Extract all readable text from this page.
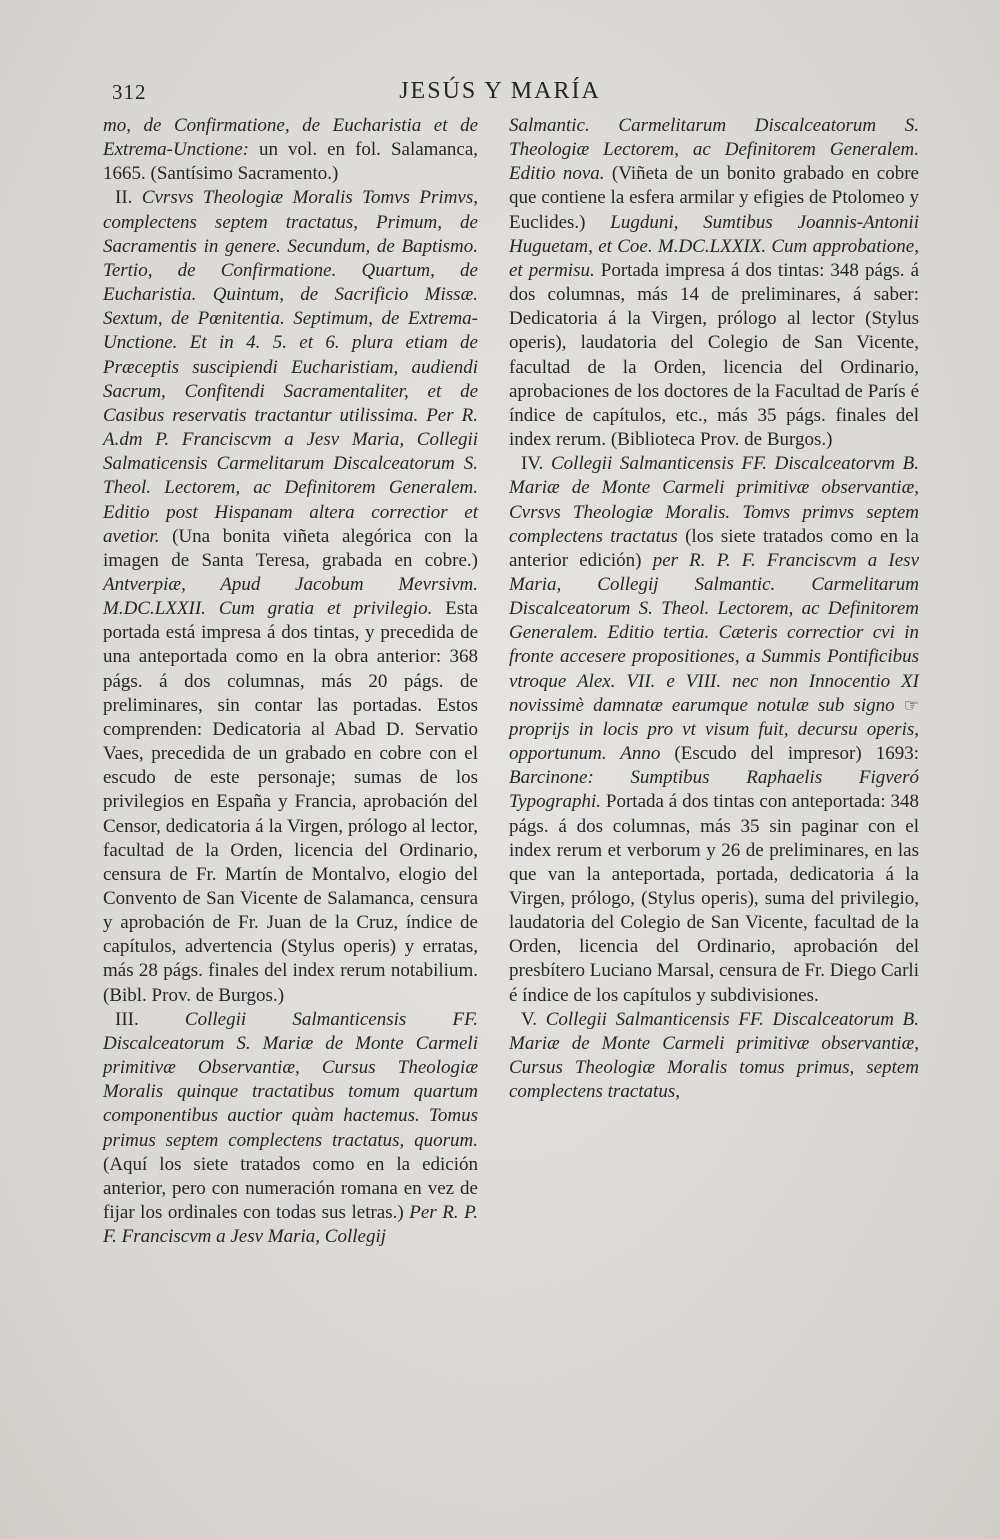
312	JESÚS Y MARÍA

mo, de Confirmatione, de Eucharistia et de Extrema-Unctione: un vol. en fol. Salamanca, 1665. (Santísimo Sacramento.)

II. Cvrsvs Theologiæ Moralis Tomvs Primvs, complectens septem tractatus, Primum, de Sacramentis in genere. Secundum, de Baptismo. Tertio, de Confirmatione. Quartum, de Eucharistia. Quintum, de Sacrificio Missæ. Sextum, de Pœnitentia. Septimum, de Extrema-Unctione. Et in 4. 5. et 6. plura etiam de Præceptis suscipiendi Eucharistiam, audiendi Sacrum, Confitendi Sacramentaliter, et de Casibus reservatis tractantur utilissima. Per R. A.dm P. Franciscvm a Jesv Maria, Collegii Salmaticensis Carmelitarum Discalceatorum S. Theol. Lectorem, ac Definitorem Generalem. Editio post Hispanam altera correctior et avetior. (Una bonita viñeta alegórica con la imagen de Santa Teresa, grabada en cobre.) Antverpiæ, Apud Jacobum Mevrsivm. M.DC.LXXII. Cum gratia et privilegio. Esta portada está impresa á dos tintas, y precedida de una anteportada como en la obra anterior: 368 págs. á dos columnas, más 20 págs. de preliminares, sin contar las portadas. Estos comprenden: Dedicatoria al Abad D. Servatio Vaes, precedida de un grabado en cobre con el escudo de este personaje; sumas de los privilegios en España y Francia, aprobación del Censor, dedicatoria á la Virgen, prólogo al lector, facultad de la Orden, licencia del Ordinario, censura de Fr. Martín de Montalvo, elogio del Convento de San Vicente de Salamanca, censura y aprobación de Fr. Juan de la Cruz, índice de capítulos, advertencia (Stylus operis) y erratas, más 28 págs. finales del index rerum notabilium. (Bibl. Prov. de Burgos.)

III. Collegii Salmanticensis FF. Discalceatorum S. Mariæ de Monte Carmeli primitivæ Observantiæ, Cursus Theologiæ Moralis quinque tractatibus tomum quartum componentibus auctior quàm hactemus. Tomus primus septem complectens tractatus, quorum. (Aquí los siete tratados como en la edición anterior, pero con numeración romana en vez de fijar los ordinales con todas sus letras.) Per R. P. F. Franciscvm a Jesv Maria, Collegij

Salmantic. Carmelitarum Discalceatorum S. Theologiæ Lectorem, ac Definitorem Generalem. Editio nova. (Viñeta de un bonito grabado en cobre que contiene la esfera armilar y efigies de Ptolomeo y Euclides.) Lugduni, Sumtibus Joannis-Antonii Huguetam, et Coe. M.DC.LXXIX. Cum approbatione, et permisu. Portada impresa á dos tintas: 348 págs. á dos columnas, más 14 de preliminares, á saber: Dedicatoria á la Virgen, prólogo al lector (Stylus operis), laudatoria del Colegio de San Vicente, facultad de la Orden, licencia del Ordinario, aprobaciones de los doctores de la Facultad de París é índice de capítulos, etc., más 35 págs. finales del index rerum. (Biblioteca Prov. de Burgos.)

IV. Collegii Salmanticensis FF. Discalceatorvm B. Mariæ de Monte Carmeli primitivæ observantiæ, Cvrsvs Theologiæ Moralis. Tomvs primvs septem complectens tractatus (los siete tratados como en la anterior edición) per R. P. F. Franciscvm a Iesv Maria, Collegij Salmantic. Carmelitarum Discalceatorum S. Theol. Lectorem, ac Definitorem Generalem. Editio tertia. Cæteris correctior cvi in fronte accesere propositiones, a Summis Pontificibus vtroque Alex. VII. e VIII. nec non Innocentio XI novissimè damnatæ earumque notulæ sub signo ☞ proprijs in locis pro vt visum fuit, decursu operis, opportunum. Anno (Escudo del impresor) 1693: Barcinone: Sumptibus Raphaelis Figveró Typographi. Portada á dos tintas con anteportada: 348 págs. á dos columnas, más 35 sin paginar con el index rerum et verborum y 26 de preliminares, en las que van la anteportada, portada, dedicatoria á la Virgen, prólogo, (Stylus operis), suma del privilegio, laudatoria del Colegio de San Vicente, facultad de la Orden, licencia del Ordinario, aprobación del presbítero Luciano Marsal, censura de Fr. Diego Carli é índice de los capítulos y subdivisiones.

V. Collegii Salmanticensis FF. Discalceatorum B. Mariæ de Monte Carmeli primitivæ observantiæ, Cursus Theologiæ Moralis tomus primus, septem complectens tractatus,
